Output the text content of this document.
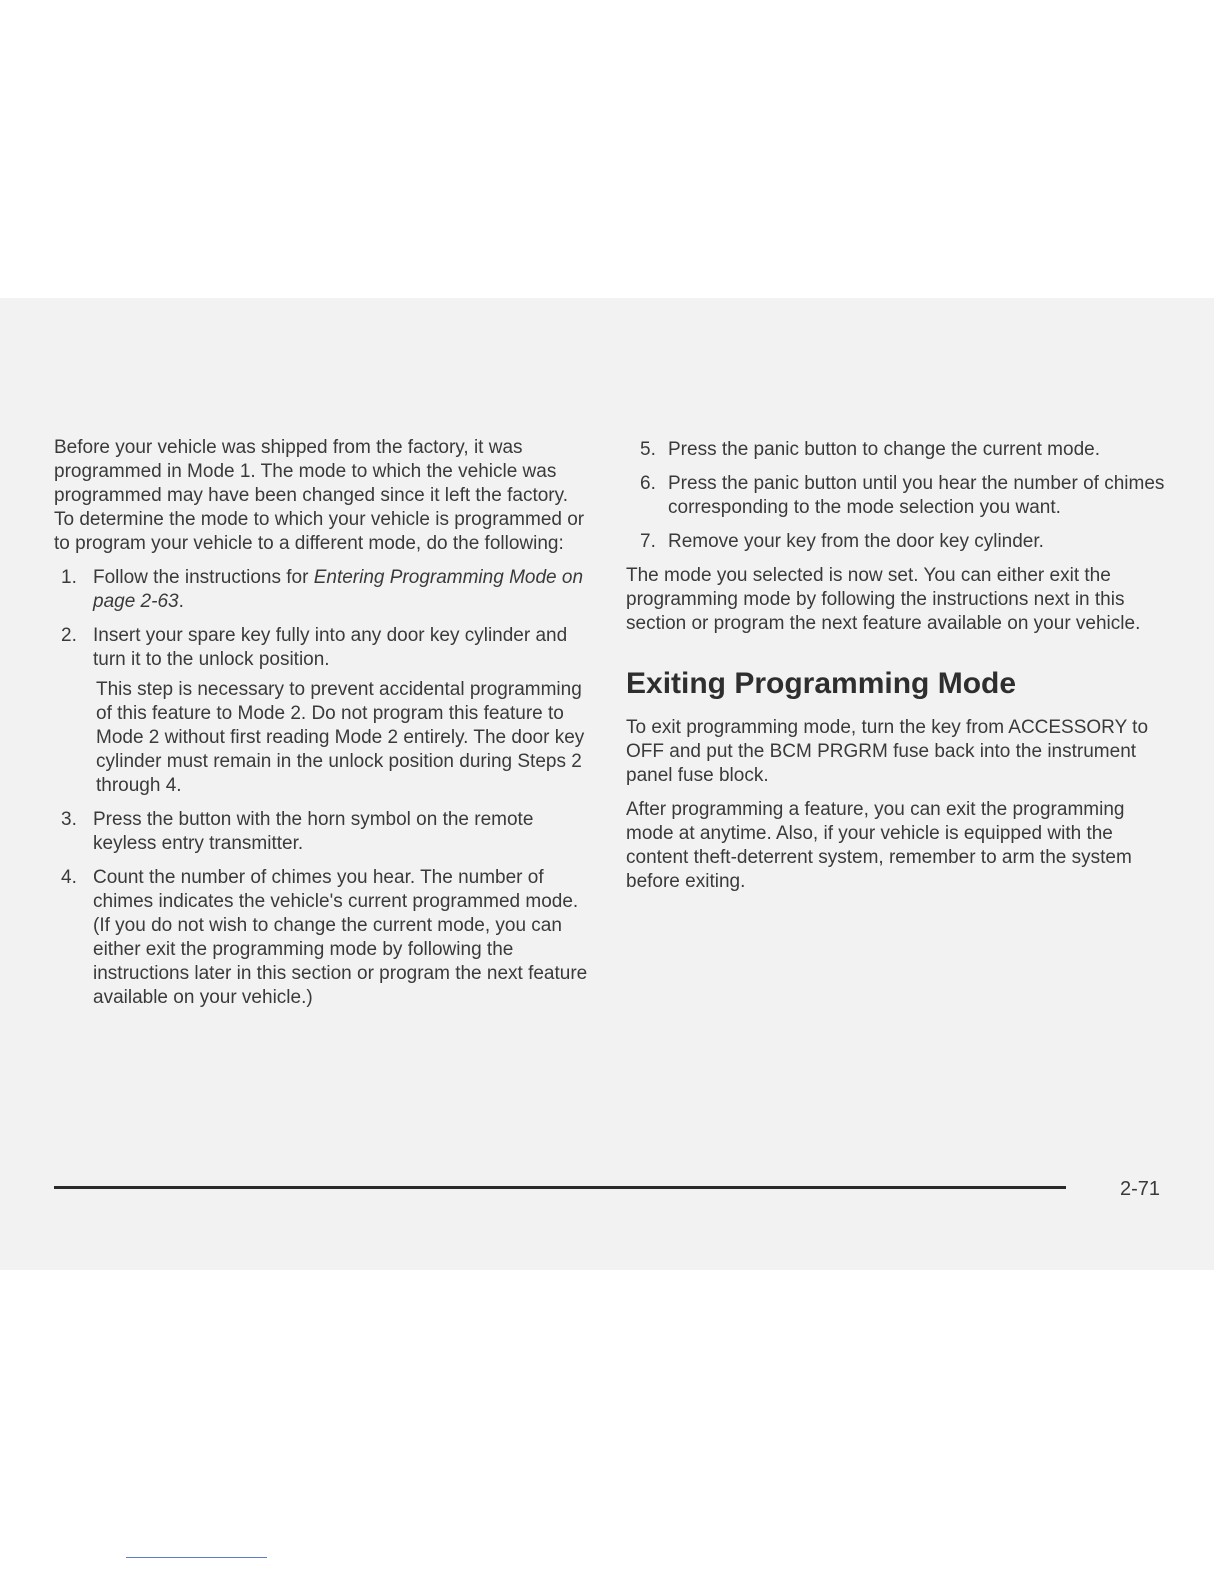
Before your vehicle was shipped from the factory, it was programmed in Mode 1. The mode to which the vehicle was programmed may have been changed since it left the factory. To determine the mode to which your vehicle is programmed or to program your vehicle to a different mode, do the following:

1. Follow the instructions for Entering Programming Mode on page 2-63.
2. Insert your spare key fully into any door key cylinder and turn it to the unlock position.
This step is necessary to prevent accidental programming of this feature to Mode 2. Do not program this feature to Mode 2 without first reading Mode 2 entirely. The door key cylinder must remain in the unlock position during Steps 2 through 4.
3. Press the button with the horn symbol on the remote keyless entry transmitter.
4. Count the number of chimes you hear. The number of chimes indicates the vehicle's current programmed mode. (If you do not wish to change the current mode, you can either exit the programming mode by following the instructions later in this section or program the next feature available on your vehicle.)
5. Press the panic button to change the current mode.
6. Press the panic button until you hear the number of chimes corresponding to the mode selection you want.
7. Remove your key from the door key cylinder.

The mode you selected is now set. You can either exit the programming mode by following the instructions next in this section or program the next feature available on your vehicle.

Exiting Programming Mode

To exit programming mode, turn the key from ACCESSORY to OFF and put the BCM PRGRM fuse back into the instrument panel fuse block.

After programming a feature, you can exit the programming mode at anytime. Also, if your vehicle is equipped with the content theft-deterrent system, remember to arm the system before exiting.

2-71
